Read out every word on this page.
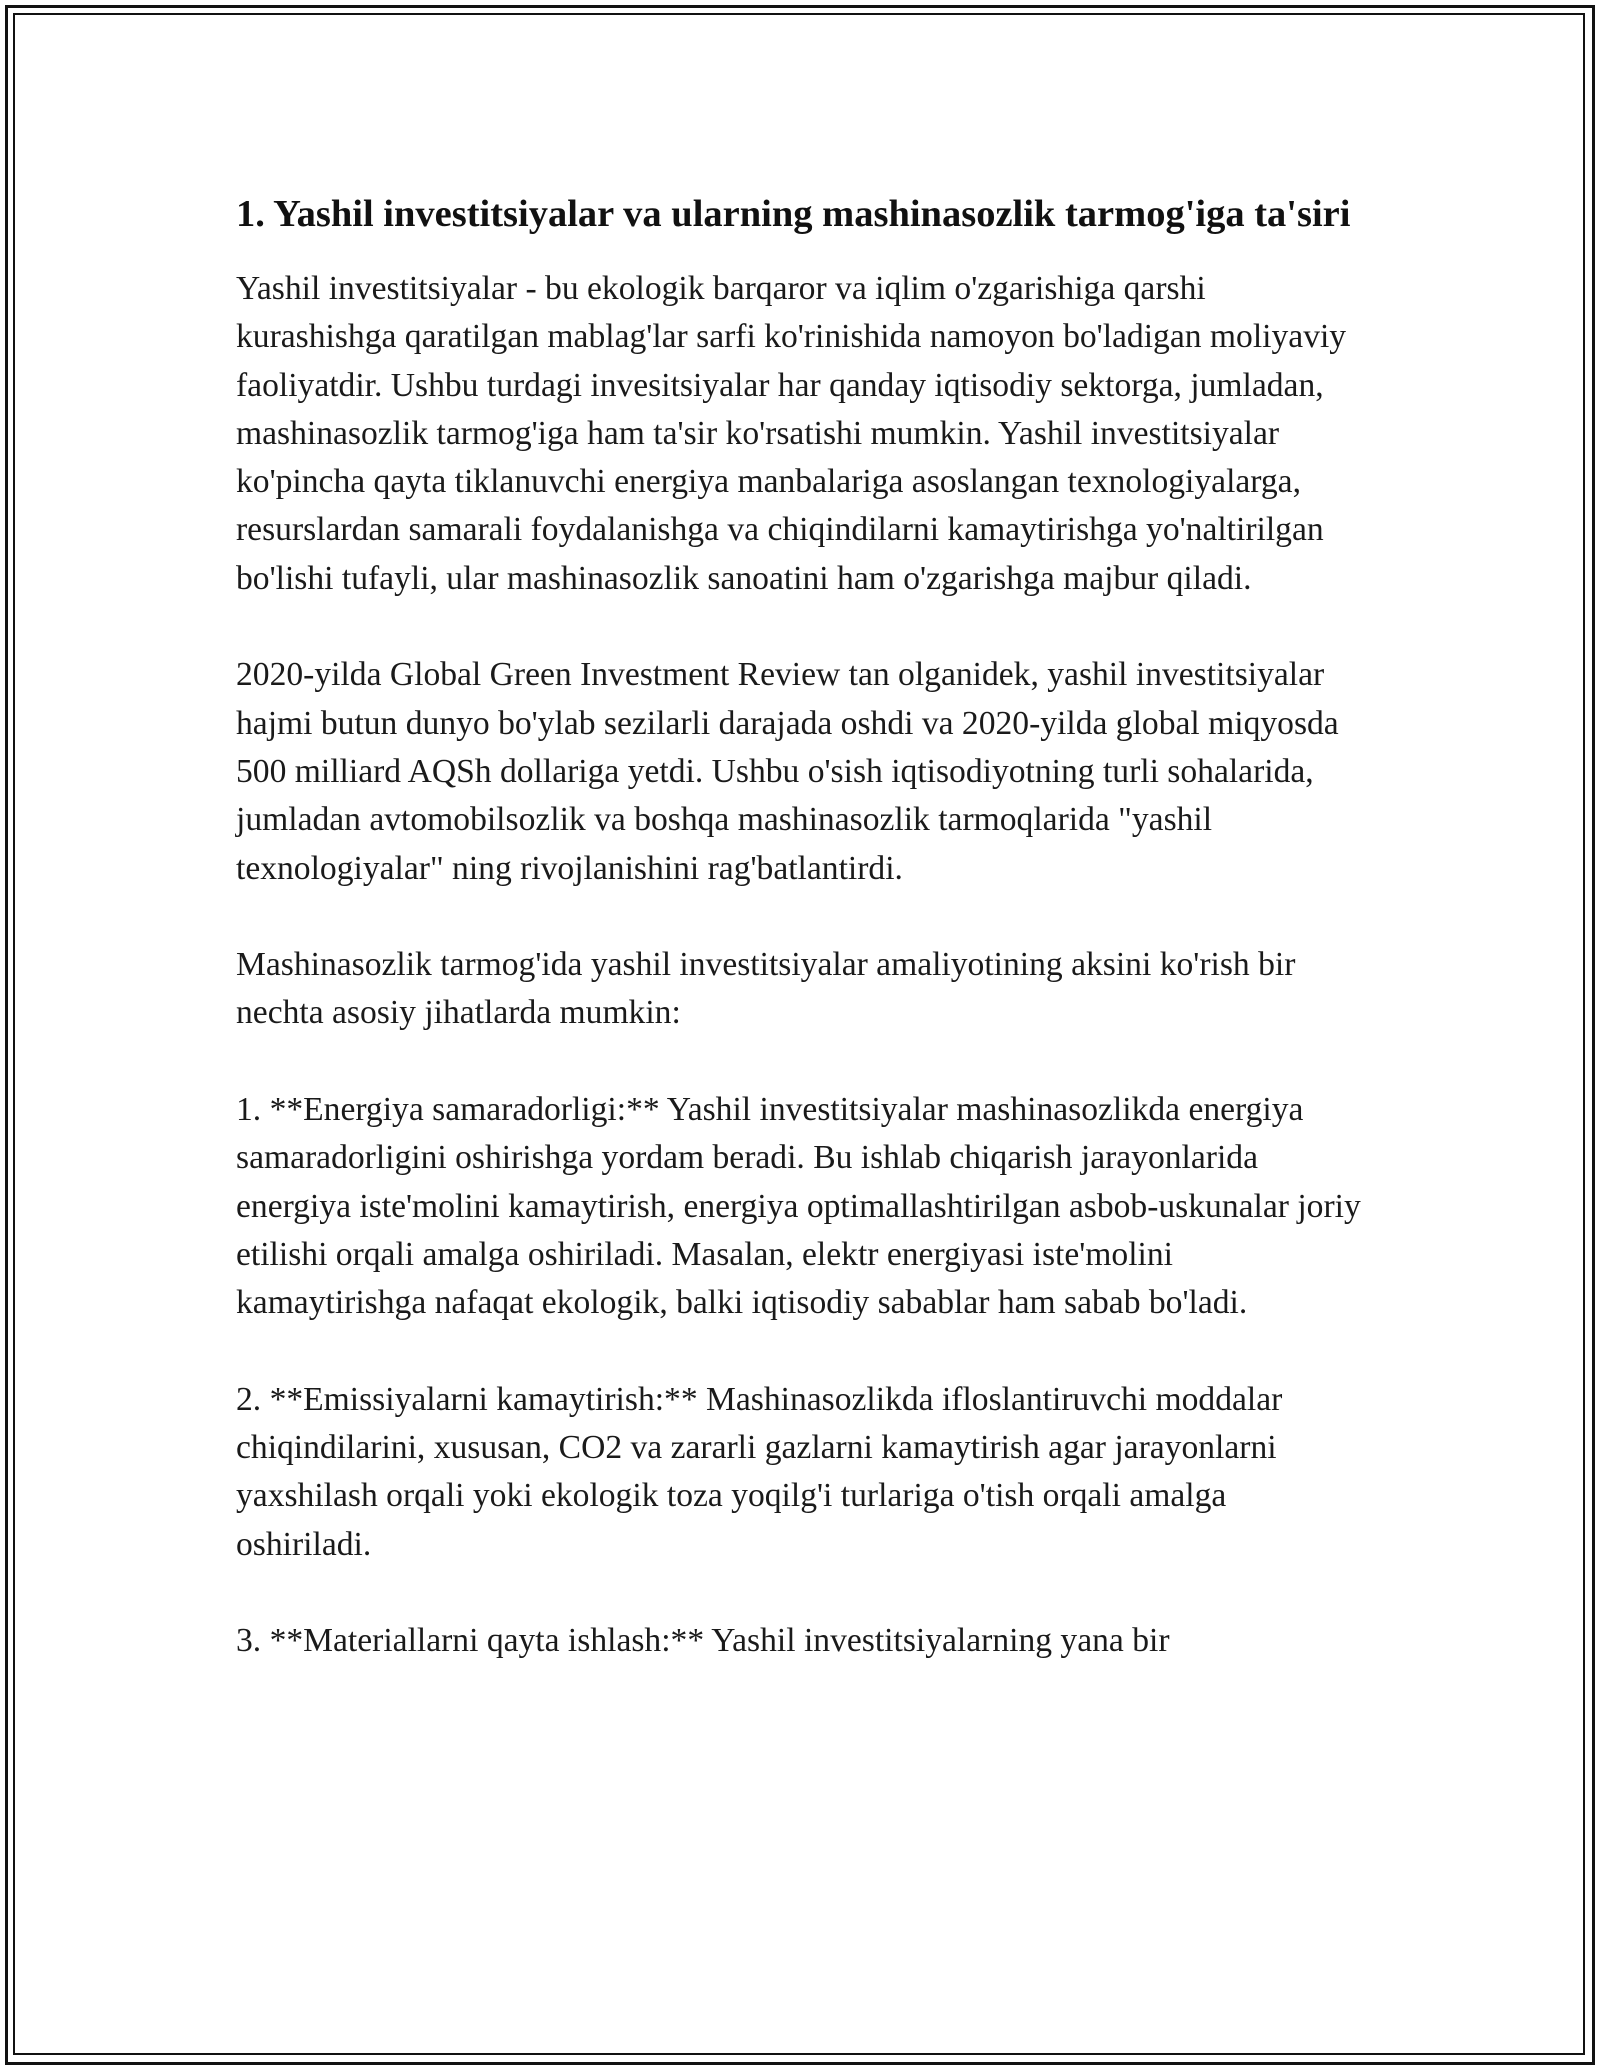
1. Yashil investitsiyalar va ularning mashinasozlik tarmog'iga ta'siri

Yashil investitsiyalar - bu ekologik barqaror va iqlim o'zgarishiga qarshi kurashishga qaratilgan mablag'lar sarfi ko'rinishida namoyon bo'ladigan moliyaviy faoliyatdir. Ushbu turdagi invesitsiyalar har qanday iqtisodiy sektorga, jumladan, mashinasozlik tarmog'iga ham ta'sir ko'rsatishi mumkin. Yashil investitsiyalar ko'pincha qayta tiklanuvchi energiya manbalariga asoslangan texnologiyalarga, resurslardan samarali foydalanishga va chiqindilarni kamaytirishga yo'naltirilgan bo'lishi tufayli, ular mashinasozlik sanoatini ham o'zgarishga majbur qiladi.

2020-yilda Global Green Investment Review tan olganidek, yashil investitsiyalar hajmi butun dunyo bo'ylab sezilarli darajada oshdi va 2020-yilda global miqyosda 500 milliard AQSh dollariga yetdi. Ushbu o'sish iqtisodiyotning turli sohalarida, jumladan avtomobilsozlik va boshqa mashinasozlik tarmoqlarida "yashil texnologiyalar" ning rivojlanishini rag'batlantirdi.

Mashinasozlik tarmog'ida yashil investitsiyalar amaliyotining aksini ko'rish bir nechta asosiy jihatlarda mumkin:

1. **Energiya samaradorligi:** Yashil investitsiyalar mashinasozlikda energiya samaradorligini oshirishga yordam beradi. Bu ishlab chiqarish jarayonlarida energiya iste'molini kamaytirish, energiya optimallashtirilgan asbob-uskunalar joriy etilishi orqali amalga oshiriladi. Masalan, elektr energiyasi iste'molini kamaytirishga nafaqat ekologik, balki iqtisodiy sabablar ham sabab bo'ladi.

2. **Emissiyalarni kamaytirish:** Mashinasozlikda ifloslantiruvchi moddalar chiqindilarini, xususan, CO2 va zararli gazlarni kamaytirish agar jarayonlarni yaxshilash orqali yoki ekologik toza yoqilg'i turlariga o'tish orqali amalga oshiriladi.

3. **Materiallarni qayta ishlash:** Yashil investitsiyalarning yana bir
